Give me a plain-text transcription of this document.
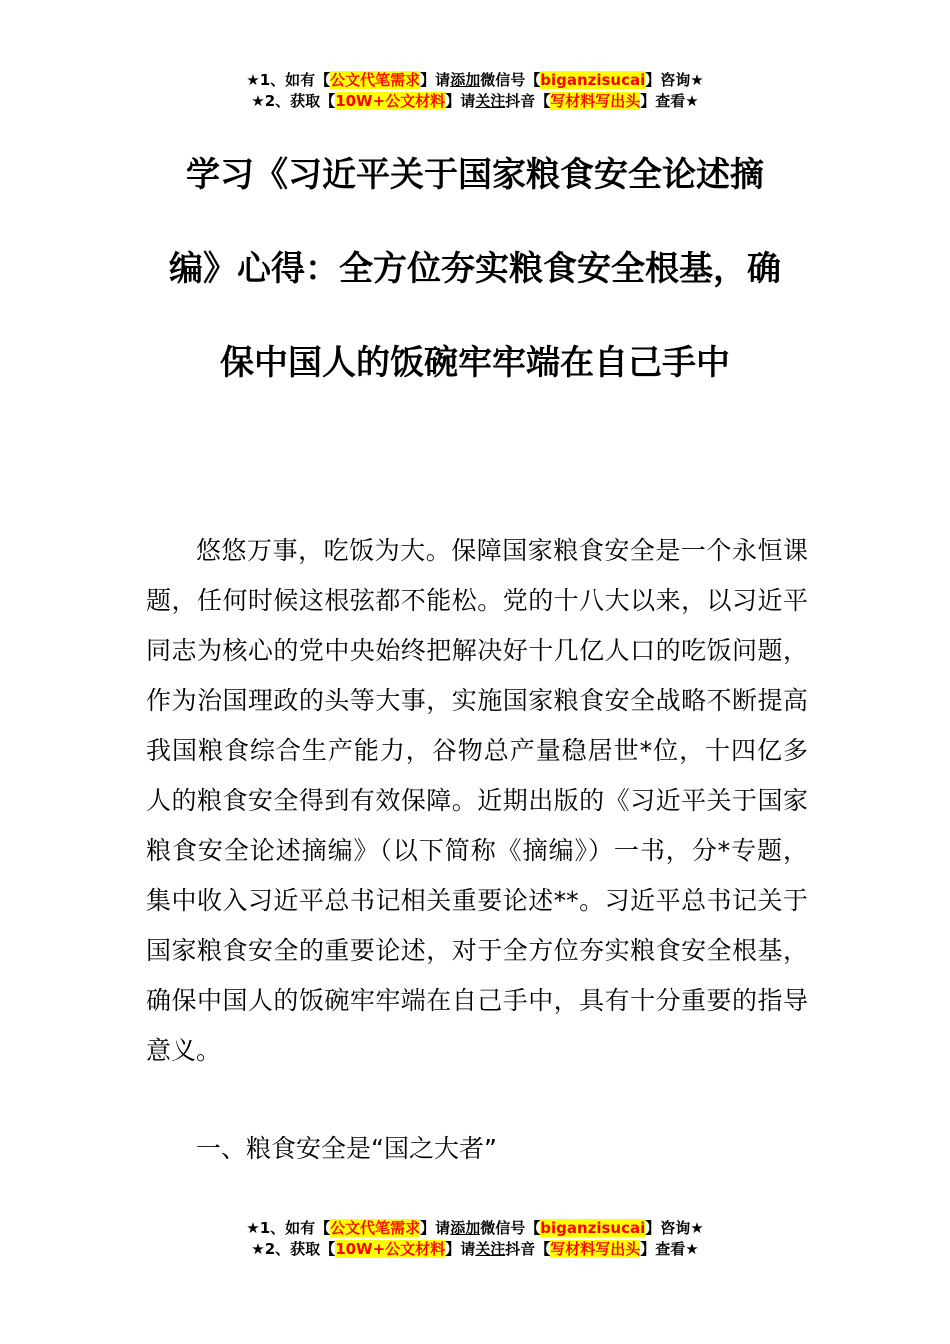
★1、如有【公文代笔需求】请添加微信号【biganzisucai】咨询★
★2、获取【10W+公文材料】请关注抖音【写材料写出头】查看★
学习《习近平关于国家粮食安全论述摘
编》心得：全方位夯实粮食安全根基，确
保中国人的饭碗牢牢端在自己手中

悠悠万事，吃饭为大。保障国家粮食安全是一个永恒课题，任何时候这根弦都不能松。党的十八大以来，以习近平同志为核心的党中央始终把解决好十几亿人口的吃饭问题，作为治国理政的头等大事，实施国家粮食安全战略不断提高我国粮食综合生产能力，谷物总产量稳居世*位，十四亿多人的粮食安全得到有效保障。近期出版的《习近平关于国家粮食安全论述摘编》（以下简称《摘编》）一书，分*专题，集中收入习近平总书记相关重要论述**。习近平总书记关于国家粮食安全的重要论述，对于全方位夯实粮食安全根基，确保中国人的饭碗牢牢端在自己手中，具有十分重要的指导意义。

一、粮食安全是“国之大者”

★1、如有【公文代笔需求】请添加微信号【biganzisucai】咨询★
★2、获取【10W+公文材料】请关注抖音【写材料写出头】查看★
